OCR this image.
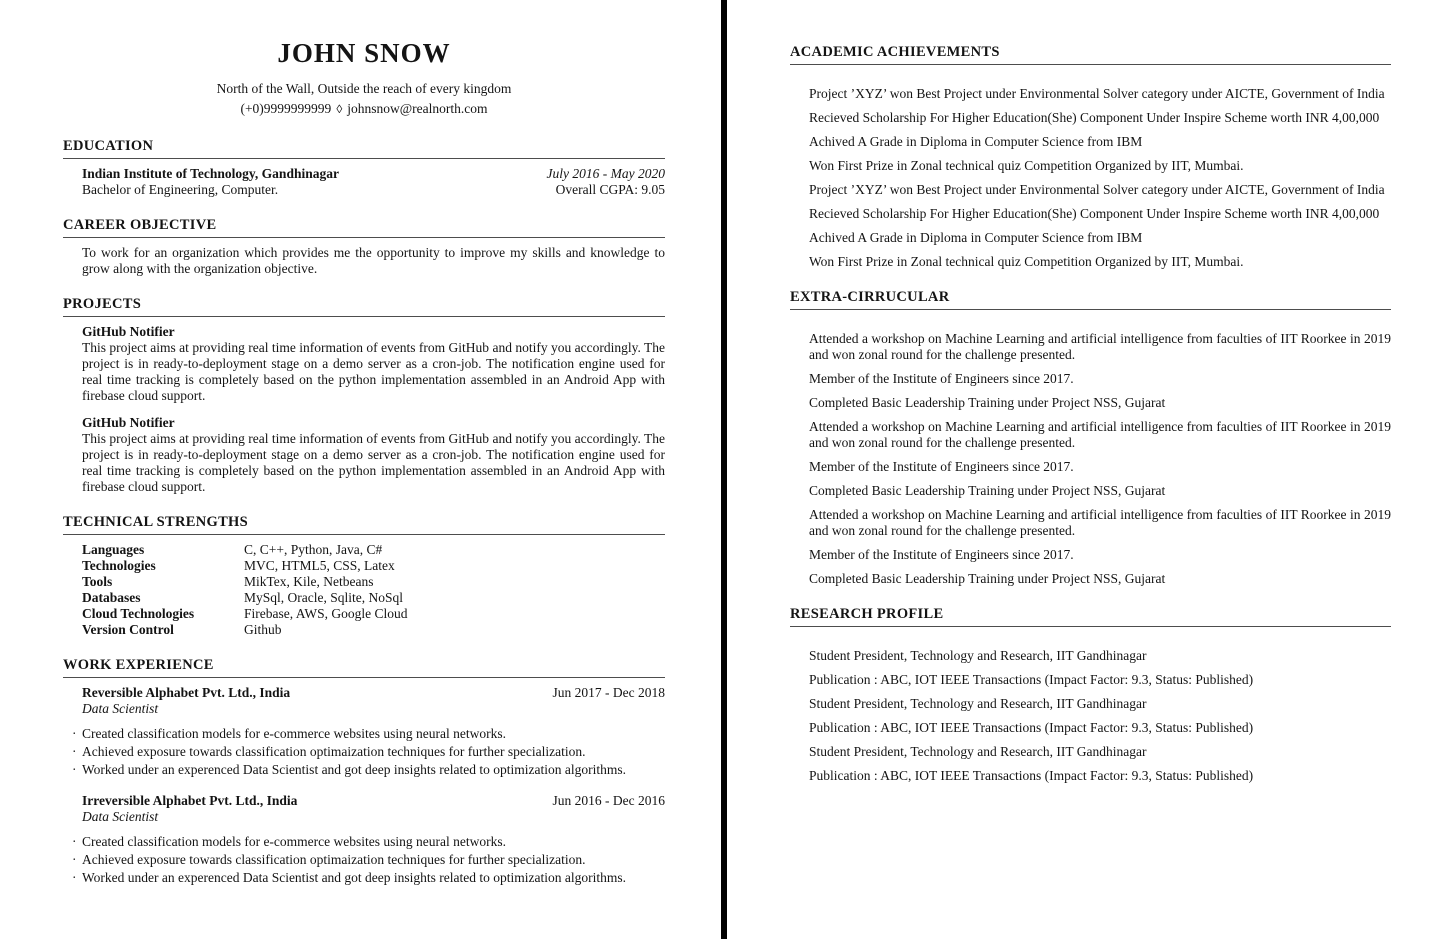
JOHN SNOW
North of the Wall, Outside the reach of every kingdom
(+0)9999999999 ◊ johnsnow@realnorth.com
EDUCATION
Indian Institute of Technology, Gandhinagar	July 2016 - May 2020
Bachelor of Engineering, Computer.	Overall CGPA: 9.05
CAREER OBJECTIVE

To work for an organization which provides me the opportunity to improve my skills and knowledge to grow along with the organization objective.

PROJECTS
GitHub Notifier
This project aims at providing real time information of events from GitHub and notify you accordingly. The project is in ready-to-deployment stage on a demo server as a cron-job. The notification engine used for real time tracking is completely based on the python implementation assembled in an Android App with firebase cloud support.
GitHub Notifier
This project aims at providing real time information of events from GitHub and notify you accordingly. The project is in ready-to-deployment stage on a demo server as a cron-job. The notification engine used for real time tracking is completely based on the python implementation assembled in an Android App with firebase cloud support.
TECHNICAL STRENGTHS
Languages	C, C++, Python, Java, C#
Technologies	MVC, HTML5, CSS, Latex
Tools	MikTex, Kile, Netbeans
Databases	MySql, Oracle, Sqlite, NoSql
Cloud Technologies	Firebase, AWS, Google Cloud
Version Control	Github
WORK EXPERIENCE
Reversible Alphabet Pvt. Ltd., India	Jun 2017 - Dec 2018
Data Scientist
· Created classification models for e-commerce websites using neural networks.
· Achieved exposure towards classification optimaization techniques for further specialization.
· Worked under an experenced Data Scientist and got deep insights related to optimization algorithms.
Irreversible Alphabet Pvt. Ltd., India	Jun 2016 - Dec 2016
Data Scientist
· Created classification models for e-commerce websites using neural networks.
· Achieved exposure towards classification optimaization techniques for further specialization.
· Worked under an experenced Data Scientist and got deep insights related to optimization algorithms.
ACADEMIC ACHIEVEMENTS
Project ’XYZ’ won Best Project under Environmental Solver category under AICTE, Government of India
Recieved Scholarship For Higher Education(She) Component Under Inspire Scheme worth INR 4,00,000
Achived A Grade in Diploma in Computer Science from IBM
Won First Prize in Zonal technical quiz Competition Organized by IIT, Mumbai.
Project ’XYZ’ won Best Project under Environmental Solver category under AICTE, Government of India
Recieved Scholarship For Higher Education(She) Component Under Inspire Scheme worth INR 4,00,000
Achived A Grade in Diploma in Computer Science from IBM
Won First Prize in Zonal technical quiz Competition Organized by IIT, Mumbai.
EXTRA-CIRRUCULAR
Attended a workshop on Machine Learning and artificial intelligence from faculties of IIT Roorkee in 2019 and won zonal round for the challenge presented.
Member of the Institute of Engineers since 2017.
Completed Basic Leadership Training under Project NSS, Gujarat
Attended a workshop on Machine Learning and artificial intelligence from faculties of IIT Roorkee in 2019 and won zonal round for the challenge presented.
Member of the Institute of Engineers since 2017.
Completed Basic Leadership Training under Project NSS, Gujarat
Attended a workshop on Machine Learning and artificial intelligence from faculties of IIT Roorkee in 2019 and won zonal round for the challenge presented.
Member of the Institute of Engineers since 2017.
Completed Basic Leadership Training under Project NSS, Gujarat
RESEARCH PROFILE
Student President, Technology and Research, IIT Gandhinagar
Publication : ABC, IOT IEEE Transactions (Impact Factor: 9.3, Status: Published)
Student President, Technology and Research, IIT Gandhinagar
Publication : ABC, IOT IEEE Transactions (Impact Factor: 9.3, Status: Published)
Student President, Technology and Research, IIT Gandhinagar
Publication : ABC, IOT IEEE Transactions (Impact Factor: 9.3, Status: Published)
